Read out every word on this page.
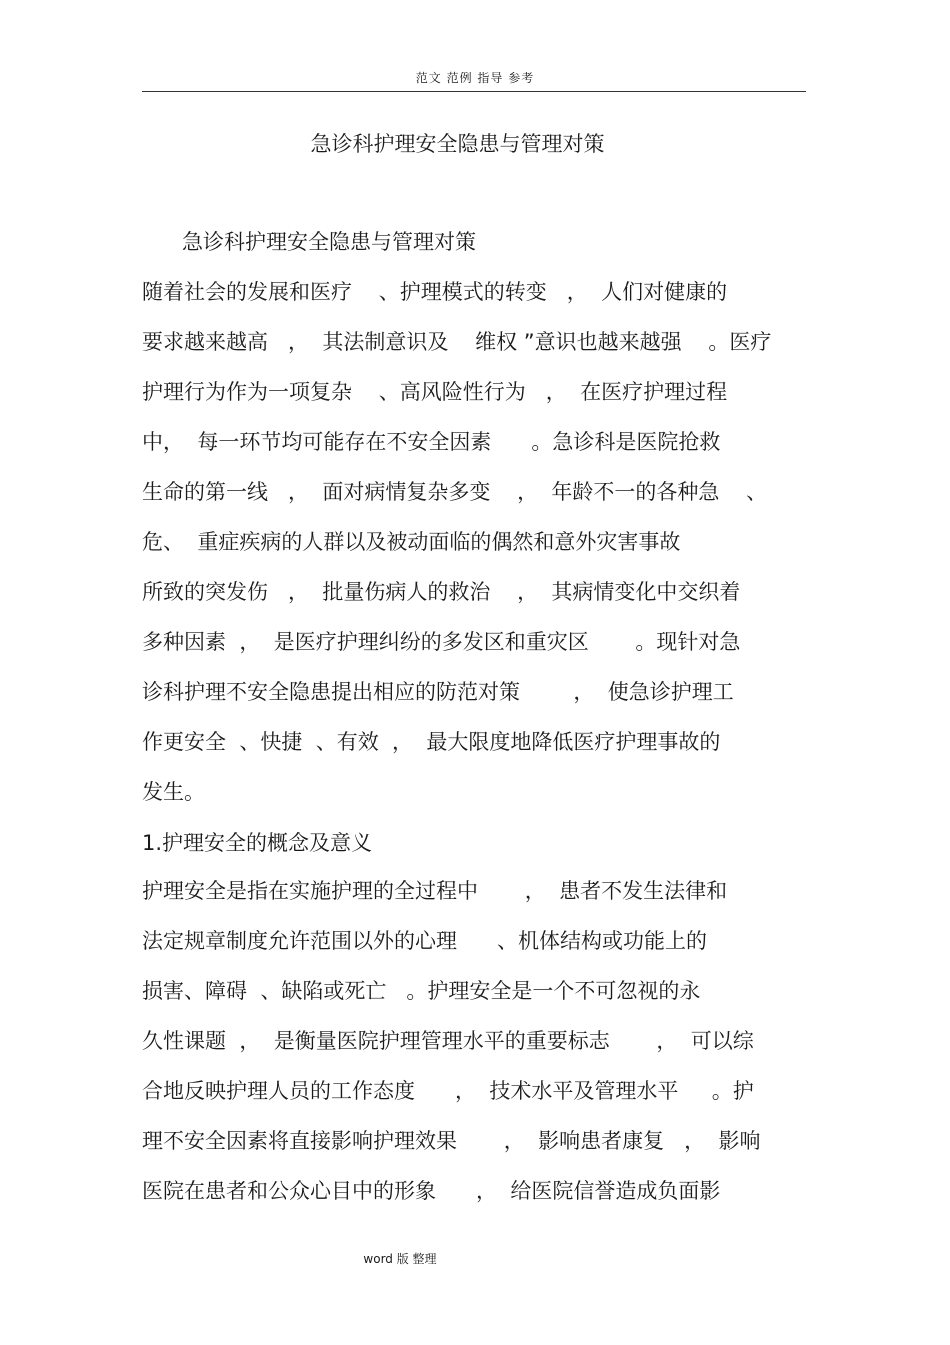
范文 范例 指导 参考
急诊科护理安全隐患与管理对策
急诊科护理安全隐患与管理对策
随着社会的发展和医疗    、护理模式的转变   ，  人们对健康的
要求越来越高   ，  其法制意识及    维权 ”意识也越来越强    。医疗
护理行为作为一项复杂    、高风险性行为   ，  在医疗护理过程
中，  每一环节均可能存在不安全因素      。急诊科是医院抢救
生命的第一线   ，  面对病情复杂多变    ，  年龄不一的各种急    、
危、  重症疾病的人群以及被动面临的偶然和意外灾害事故
所致的突发伤   ，  批量伤病人的救治    ，  其病情变化中交织着
多种因素  ，  是医疗护理纠纷的多发区和重灾区       。现针对急
诊科护理不安全隐患提出相应的防范对策        ，  使急诊护理工
作更安全  、快捷  、有效  ，  最大限度地降低医疗护理事故的
发生。
1.护理安全的概念及意义
护理安全是指在实施护理的全过程中       ，  患者不发生法律和
法定规章制度允许范围以外的心理      、机体结构或功能上的
损害、障碍  、缺陷或死亡   。护理安全是一个不可忽视的永
久性课题  ，  是衡量医院护理管理水平的重要标志       ，  可以综
合地反映护理人员的工作态度      ，  技术水平及管理水平     。护
理不安全因素将直接影响护理效果       ，  影响患者康复   ，  影响
医院在患者和公众心目中的形象      ，  给医院信誉造成负面影
word 版 整理
